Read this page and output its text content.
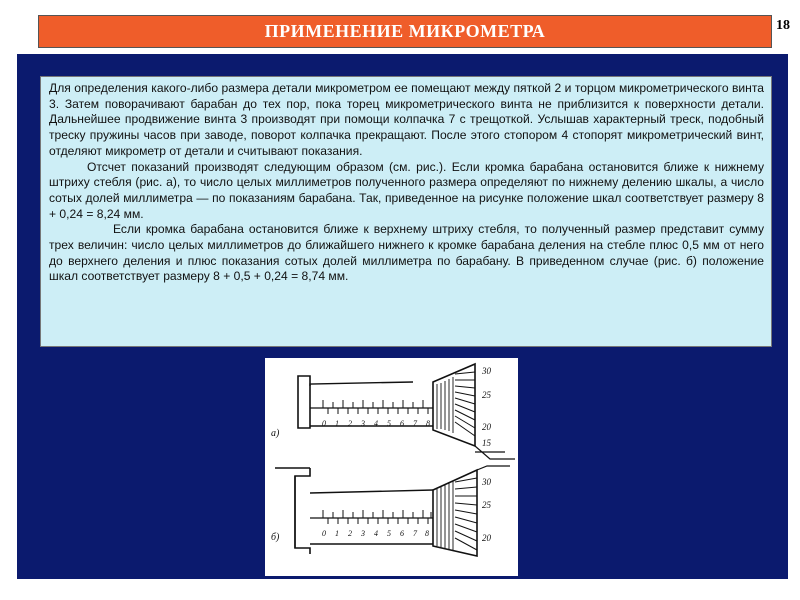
ПРИМЕНЕНИЕ МИКРОМЕТРА	18

Для определения какого-либо размера детали микрометром ее помещают между пяткой 2 и торцом микрометрического винта 3. Затем поворачивают барабан до тех пор, пока торец микрометрического винта не приблизится к поверхности детали. Дальнейшее продвижение винта 3 производят при помощи колпачка 7 с трещоткой. Услышав характерный треск, подобный треску пружины часов при заводе, поворот колпачка прекращают. После этого стопором 4 стопорят микрометрический винт, отделяют микрометр от детали и считывают показания.

Отсчет показаний производят следующим образом (см. рис.). Если кромка барабана остановится ближе к нижнему штриху стебля (рис. а), то число целых миллиметров полученного размера определяют по нижнему делению шкалы, а число сотых долей миллиметра — по показаниям барабана. Так, приведенное на рисунке положение шкал соответствует размеру 8 + 0,24 = 8,24 мм.

Если кромка барабана остановится ближе к верхнему штриху стебля, то полученный размер представит сумму трех величин: число целых миллиметров до ближайшего нижнего к кромке барабана деления на стебле плюс 0,5 мм от него до верхнего деления и плюс показания сотых долей миллиметра по барабану. В приведенном случае (рис. б) положение шкал соответствует размеру 8 + 0,5 + 0,24 = 8,74 мм.

0 1 2 3 4 5 6 7 8
30
25
20
15
а)
0 1 2 3 4 5 6 7 8
30
25
20
б)
